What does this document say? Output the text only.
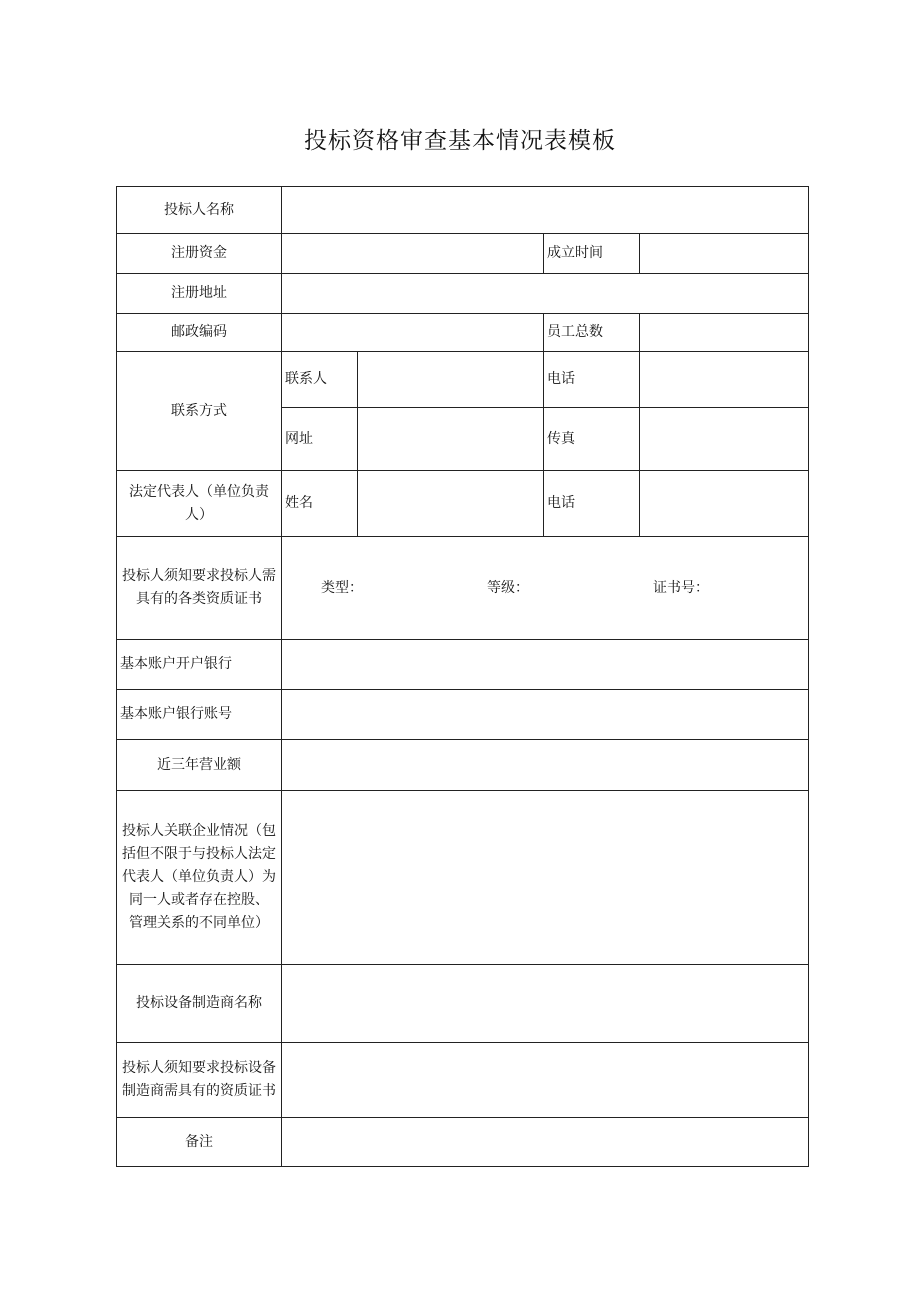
投标资格审查基本情况表模板
投标人名称				
注册资金			成立时间	
注册地址				
邮政编码			员工总数	
联系方式	联系人		电话	
	网址		传真	
法定代表人（单位负责人）	姓名		电话	
投标人须知要求投标人需具有的各类资质证书	类型： 等级： 证书号：			

基本账户开户银行				
基本账户银行账号				
近三年营业额				

投标人关联企业情况（包括但不限于与投标人法定代表人（单位负责人）为同一人或者存在控股、
管理关系的不同单位）				

投标设备制造商名称				
投标人须知要求投标设备制造商需具有的资质证书				
备注				
